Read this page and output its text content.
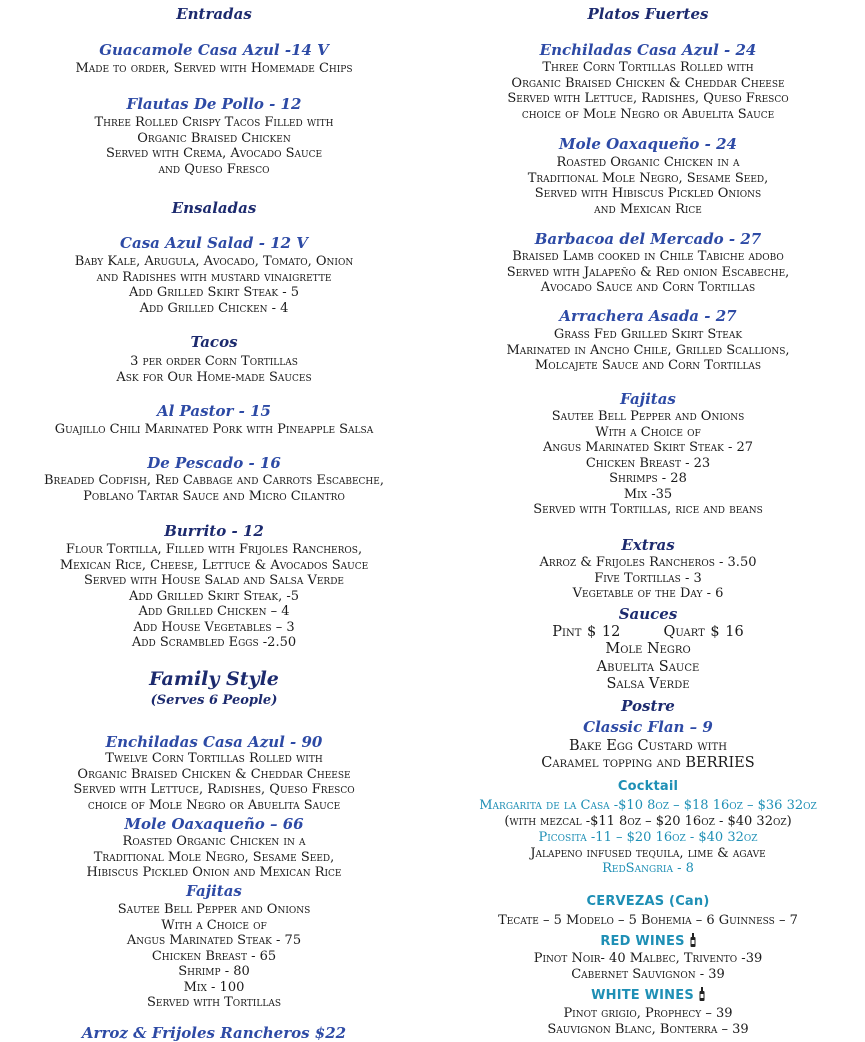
Entradas
Guacamole Casa Azul -14 V
Made to order, Served with Homemade Chips
Flautas De Pollo - 12
Three Rolled Crispy Tacos Filled with
Organic Braised Chicken
Served with Crema, Avocado Sauce
and Queso Fresco
Ensaladas
Casa Azul Salad - 12 V
Baby Kale, Arugula, Avocado, Tomato, Onion
and Radishes with mustard vinaigrette
Add Grilled Skirt Steak - 5
Add Grilled Chicken - 4
Tacos
3 per order Corn Tortillas
Ask for Our Home-made Sauces
Al Pastor - 15
Guajillo Chili Marinated Pork with Pineapple Salsa
De Pescado - 16
Breaded Codfish, Red Cabbage and Carrots Escabeche,
Poblano Tartar Sauce and Micro Cilantro
Burrito - 12
Flour Tortilla, Filled with Frijoles Rancheros,
Mexican Rice, Cheese, Lettuce & Avocados Sauce
Served with House Salad and Salsa Verde
Add Grilled Skirt Steak, -5
Add Grilled Chicken – 4
Add House Vegetables – 3
Add Scrambled Eggs -2.50
Family Style
(Serves 6 People)
Enchiladas Casa Azul - 90
Twelve Corn Tortillas Rolled with
Organic Braised Chicken & Cheddar Cheese
Served with Lettuce, Radishes, Queso Fresco
choice of Mole Negro or Abuelita Sauce
Mole Oaxaqueño – 66
Roasted Organic Chicken in a
Traditional Mole Negro, Sesame Seed,
Hibiscus Pickled Onion and Mexican Rice
Fajitas
Sautee Bell Pepper and Onions
With a Choice of
Angus Marinated Steak - 75
Chicken Breast - 65
Shrimp - 80
Mix - 100
Served with Tortillas
Arroz & Frijoles Rancheros $22
Platos Fuertes
Enchiladas Casa Azul - 24
Three Corn Tortillas Rolled with
Organic Braised Chicken & Cheddar Cheese
Served with Lettuce, Radishes, Queso Fresco
choice of Mole Negro or Abuelita Sauce
Mole Oaxaqueño - 24
Roasted Organic Chicken in a
Traditional Mole Negro, Sesame Seed,
Served with Hibiscus Pickled Onions
and Mexican Rice
Barbacoa del Mercado - 27
Braised Lamb cooked in Chile Tabiche adobo
Served with Jalapeño & Red onion Escabeche,
Avocado Sauce and Corn Tortillas
Arrachera Asada - 27
Grass Fed Grilled Skirt Steak
Marinated in Ancho Chile, Grilled Scallions,
Molcajete Sauce and Corn Tortillas
Fajitas
Sautee Bell Pepper and Onions
With a Choice of
Angus Marinated Skirt Steak - 27
Chicken Breast - 23
Shrimps - 28
Mix -35
Served with Tortillas, rice and beans
Extras
Arroz & Frijoles Rancheros - 3.50
Five Tortillas - 3
Vegetable of the Day - 6
Sauces
Pint $ 12	Quart $ 16
Mole Negro
Abuelita Sauce
Salsa Verde
Postre
Classic Flan – 9
Bake Egg Custard with
Caramel topping and BERRIES
Cocktail
Margarita de la Casa -$10 8oz – $18 16oz – $36 32oz
(with mezcal -$11 8oz – $20 16oz - $40 32oz)
Picosita -11 – $20 16oz - $40 32oz
Jalapeno infused tequila, lime & agave
RedSangria - 8
CERVEZAS (Can)
Tecate – 5 Modelo – 5 Bohemia – 6 Guinness – 7
RED WINES
Pinot Noir- 40 Malbec, Trivento -39
Cabernet Sauvignon - 39
WHITE WINES
Pinot grigio, Prophecy – 39
Sauvignon Blanc, Bonterra – 39
